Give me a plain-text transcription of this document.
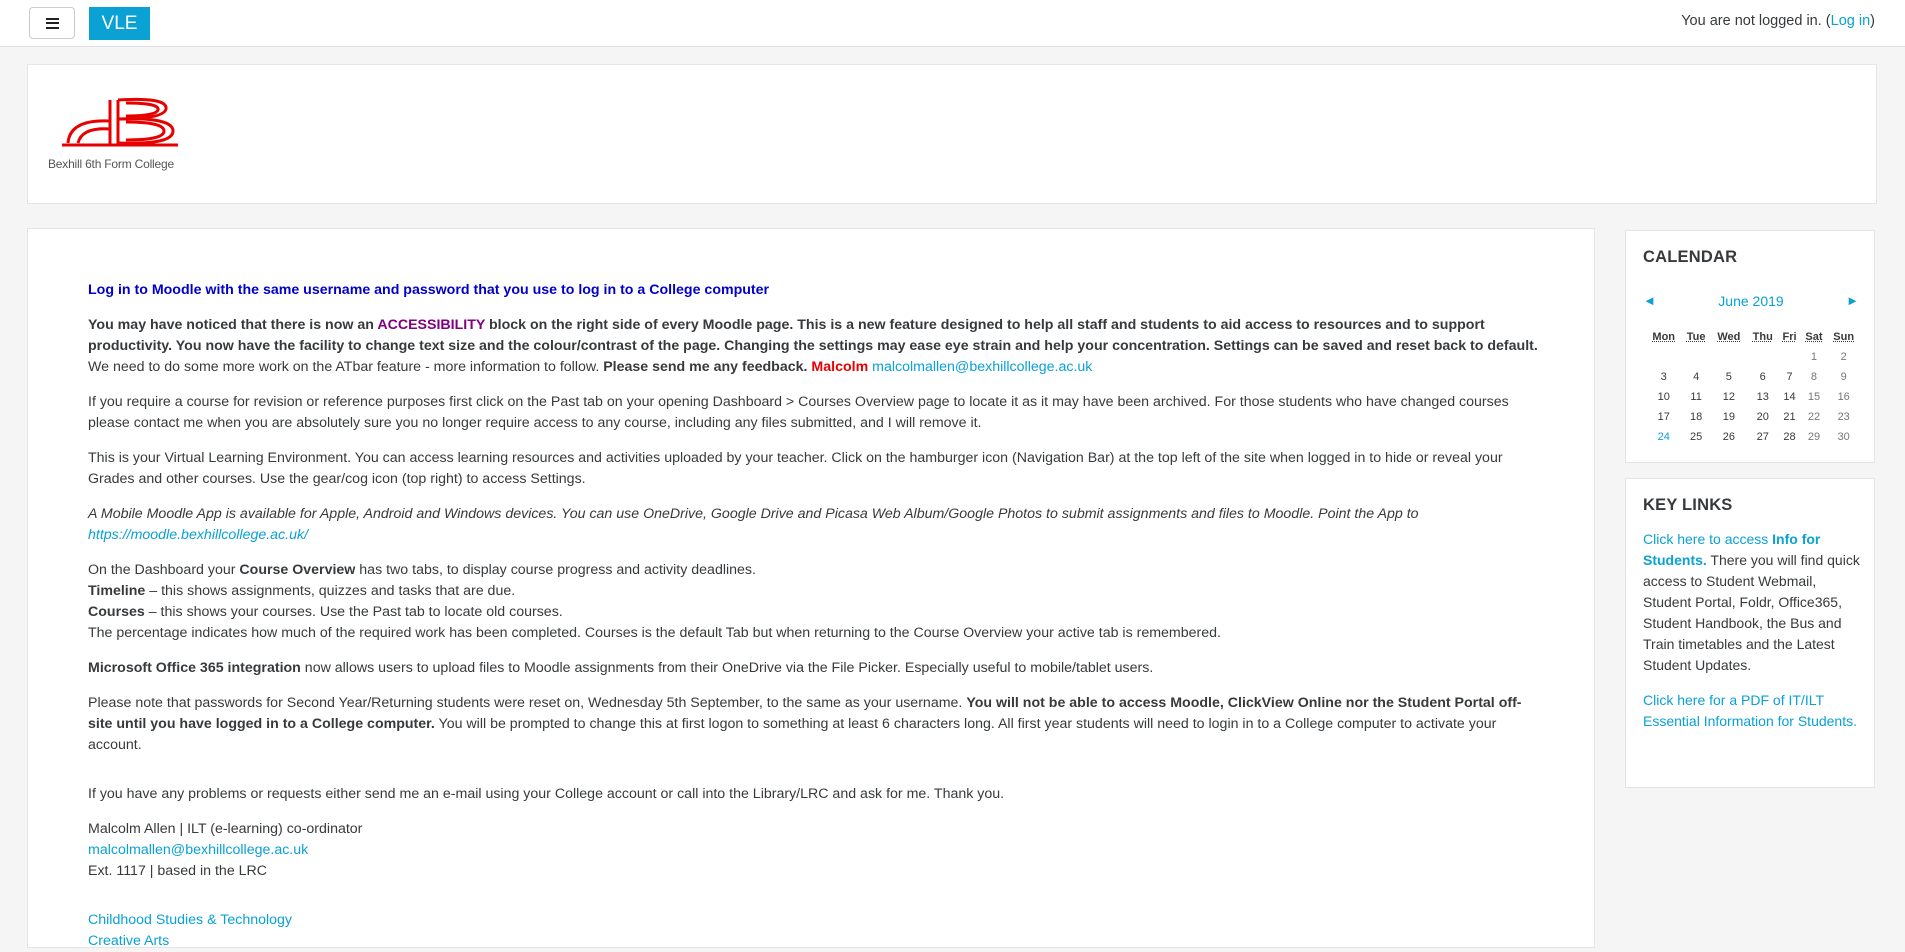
VLE	You are not logged in. (Log in)
Bexhill 6th Form College
Log in to Moodle with the same username and password that you use to log in to a College computer

You may have noticed that there is now an ACCESSIBILITY block on the right side of every Moodle page. This is a new feature designed to help all staff and students to aid access to resources and to support productivity. You now have the facility to change text size and the colour/contrast of the page. Changing the settings may ease eye strain and help your concentration. Settings can be saved and reset back to default. We need to do some more work on the ATbar feature - more information to follow. Please send me any feedback. Malcolm malcolmallen@bexhillcollege.ac.uk

If you require a course for revision or reference purposes first click on the Past tab on your opening Dashboard > Courses Overview page to locate it as it may have been archived. For those students who have changed courses please contact me when you are absolutely sure you no longer require access to any course, including any files submitted, and I will remove it.

This is your Virtual Learning Environment. You can access learning resources and activities uploaded by your teacher. Click on the hamburger icon (Navigation Bar) at the top left of the site when logged in to hide or reveal your Grades and other courses. Use the gear/cog icon (top right) to access Settings.

A Mobile Moodle App is available for Apple, Android and Windows devices. You can use OneDrive, Google Drive and Picasa Web Album/Google Photos to submit assignments and files to Moodle. Point the App to https://moodle.bexhillcollege.ac.uk/

On the Dashboard your Course Overview has two tabs, to display course progress and activity deadlines.
Timeline – this shows assignments, quizzes and tasks that are due.
Courses – this shows your courses. Use the Past tab to locate old courses.
The percentage indicates how much of the required work has been completed. Courses is the default Tab but when returning to the Course Overview your active tab is remembered.

Microsoft Office 365 integration now allows users to upload files to Moodle assignments from their OneDrive via the File Picker. Especially useful to mobile/tablet users.

Please note that passwords for Second Year/Returning students were reset on, Wednesday 5th September, to the same as your username. You will not be able to access Moodle, ClickView Online nor the Student Portal off-site until you have logged in to a College computer. You will be prompted to change this at first logon to something at least 6 characters long. All first year students will need to login in to a College computer to activate your account.

If you have any problems or requests either send me an e-mail using your College account or call into the Library/LRC and ask for me. Thank you.

Malcolm Allen | ILT (e-learning) co-ordinator
malcolmallen@bexhillcollege.ac.uk
Ext. 1117 | based in the LRC

Childhood Studies & Technology
Creative Arts
CALENDAR
◄	June 2019	►
Mon	Tue	Wed	Thu	Fri	Sat	Sun
					1	2
3	4	5	6	7	8	9
10	11	12	13	14	15	16
17	18	19	20	21	22	23
24	25	26	27	28	29	30
KEY LINKS

Click here to access Info for Students. There you will find quick access to Student Webmail, Student Portal, Foldr, Office365, Student Handbook, the Bus and Train timetables and the Latest Student Updates.

Click here for a PDF of IT/ILT Essential Information for Students.
